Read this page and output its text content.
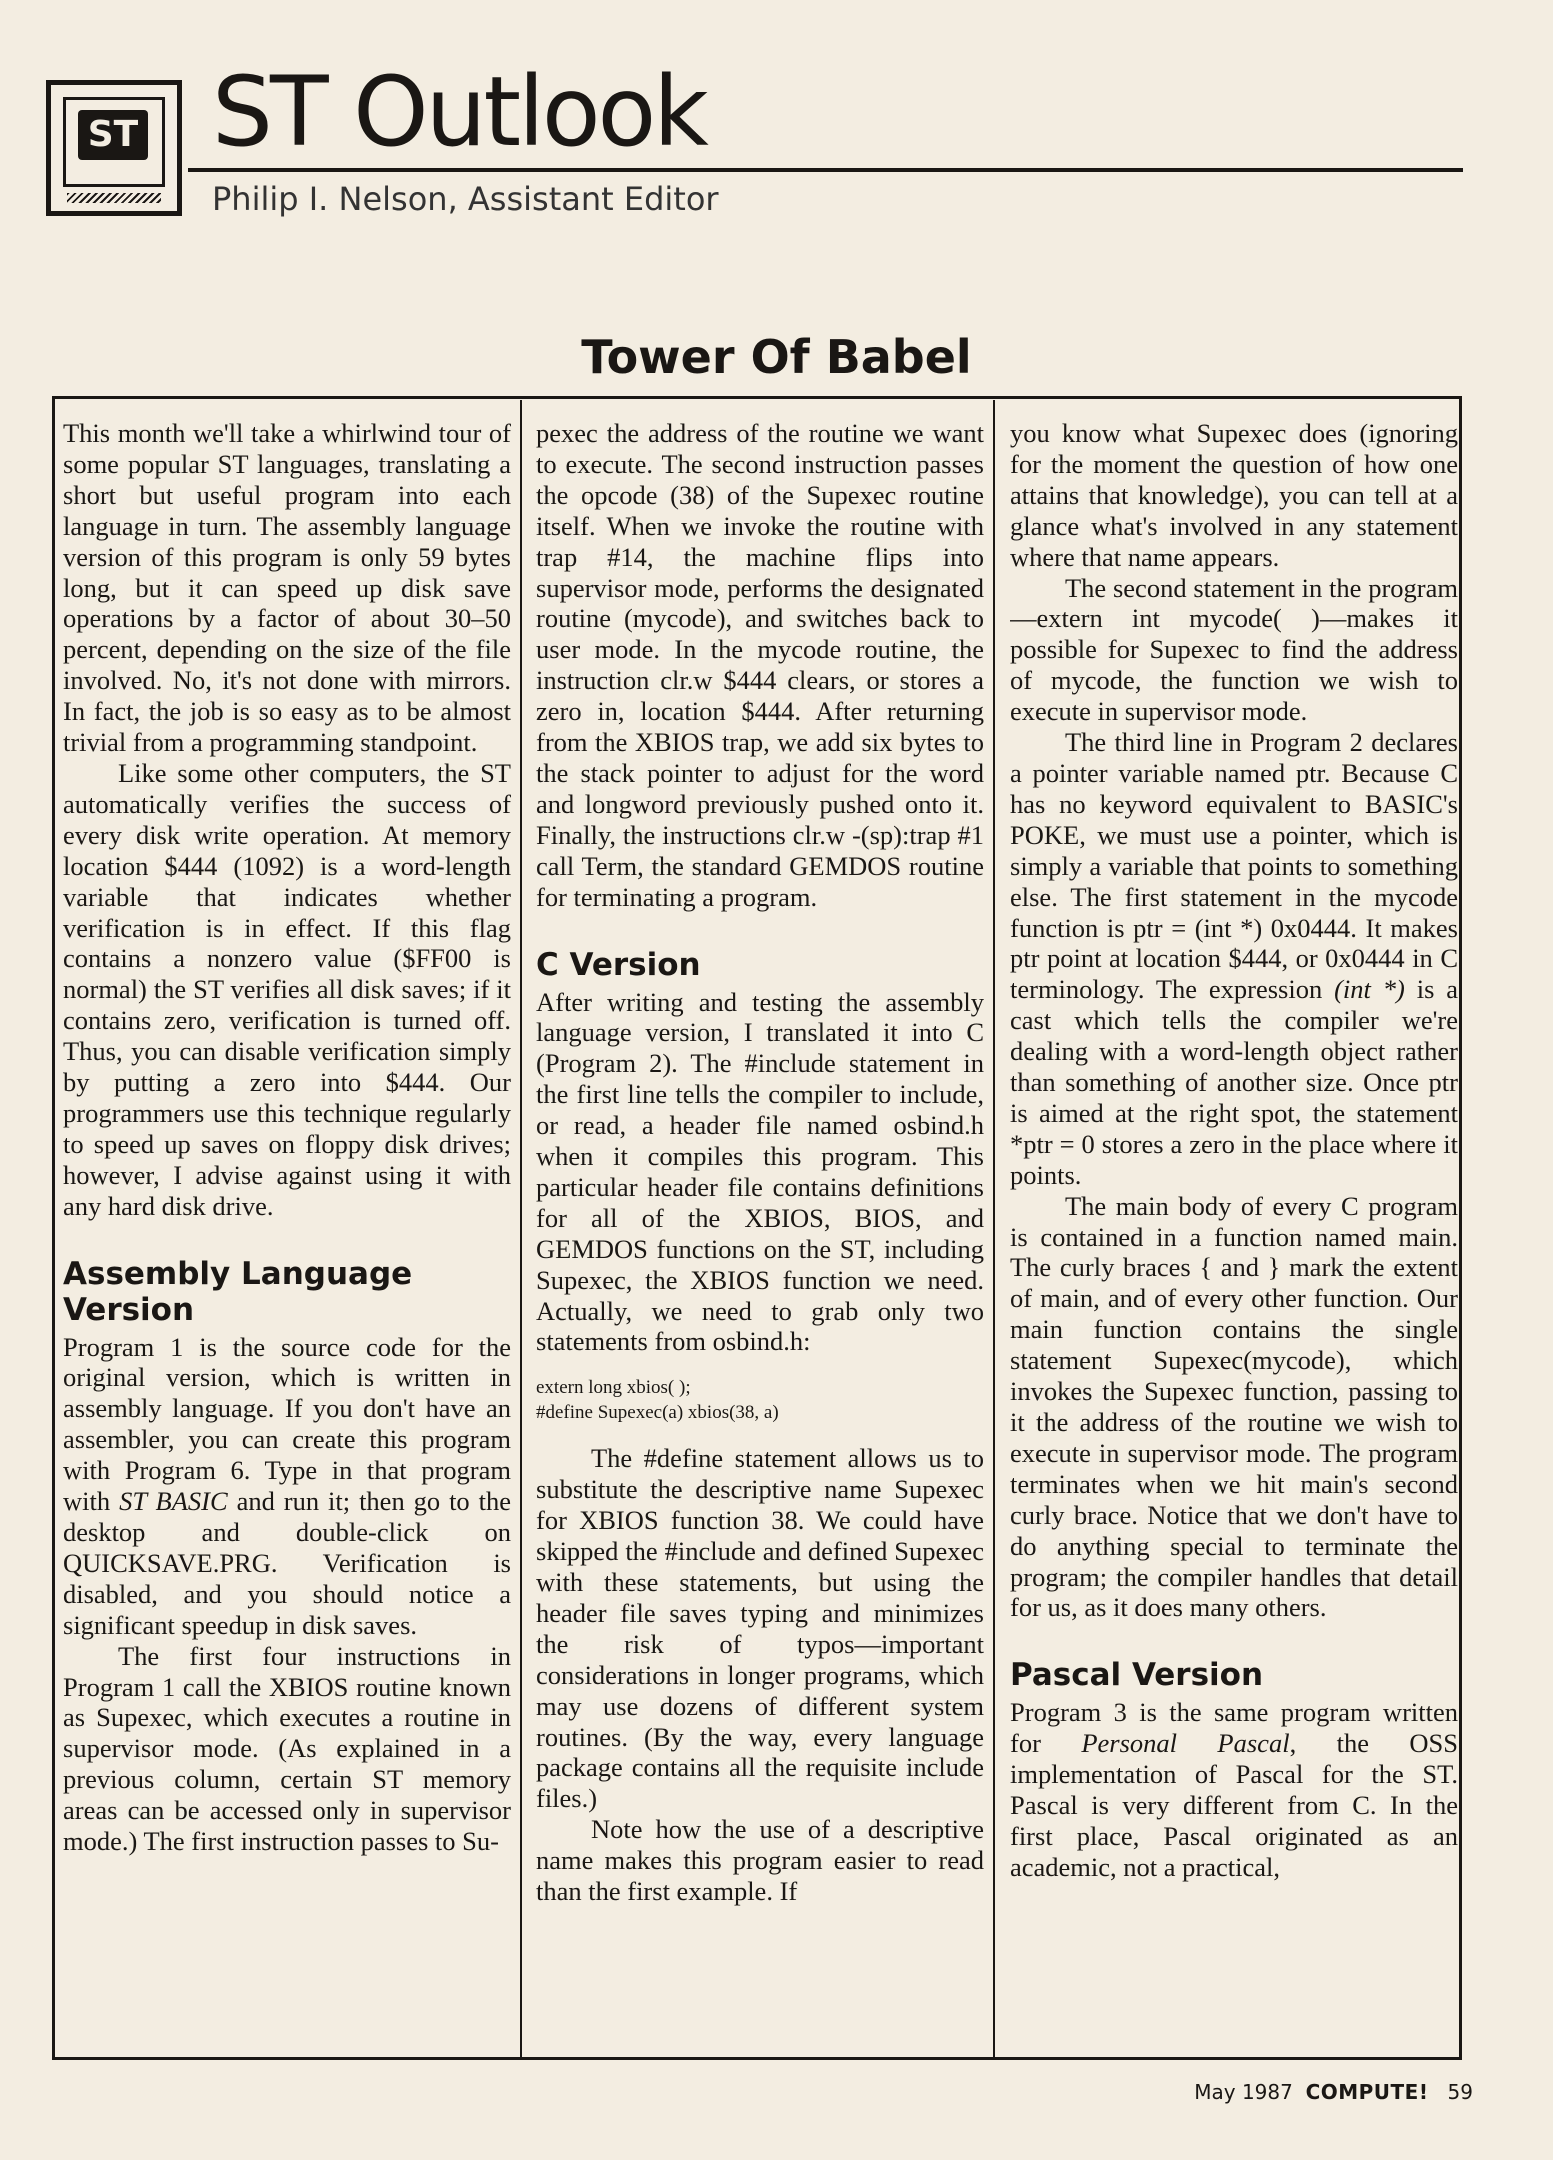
ST ST Outlook
Philip I. Nelson, Assistant Editor
Tower Of Babel

This month we'll take a whirlwind tour of some popular ST languages, translating a short but useful program into each language in turn. The assembly language version of this program is only 59 bytes long, but it can speed up disk save operations by a factor of about 30–50 percent, depending on the size of the file involved. No, it's not done with mirrors. In fact, the job is so easy as to be almost trivial from a programming standpoint.

Like some other computers, the ST automatically verifies the success of every disk write operation. At memory location $444 (1092) is a word-length variable that indicates whether verification is in effect. If this flag contains a nonzero value ($FF00 is normal) the ST verifies all disk saves; if it contains zero, verification is turned off. Thus, you can disable verification simply by putting a zero into $444. Our programmers use this technique regularly to speed up saves on floppy disk drives; however, I advise against using it with any hard disk drive.

Assembly Language Version

Program 1 is the source code for the original version, which is written in assembly language. If you don't have an assembler, you can create this program with Program 6. Type in that program with ST BASIC and run it; then go to the desktop and double-click on QUICKSAVE.PRG. Verification is disabled, and you should notice a significant speedup in disk saves.

The first four instructions in Program 1 call the XBIOS routine known as Supexec, which executes a routine in supervisor mode. (As explained in a previous column, certain ST memory areas can be accessed only in supervisor mode.) The first instruction passes to Su-

pexec the address of the routine we want to execute. The second instruction passes the opcode (38) of the Supexec routine itself. When we invoke the routine with trap #14, the machine flips into supervisor mode, performs the designated routine (mycode), and switches back to user mode. In the mycode routine, the instruction clr.w $444 clears, or stores a zero in, location $444. After returning from the XBIOS trap, we add six bytes to the stack pointer to adjust for the word and longword previously pushed onto it. Finally, the instructions clr.w -(sp):trap #1 call Term, the standard GEMDOS routine for terminating a program.

C Version

After writing and testing the assembly language version, I translated it into C (Program 2). The #include statement in the first line tells the compiler to include, or read, a header file named osbind.h when it compiles this program. This particular header file contains definitions for all of the XBIOS, BIOS, and GEMDOS functions on the ST, including Supexec, the XBIOS function we need. Actually, we need to grab only two statements from osbind.h:

extern long xbios( );
#define Supexec(a) xbios(38, a)

The #define statement allows us to substitute the descriptive name Supexec for XBIOS function 38. We could have skipped the #include and defined Supexec with these statements, but using the header file saves typing and minimizes the risk of typos—important considerations in longer programs, which may use dozens of different system routines. (By the way, every language package contains all the requisite include files.)

Note how the use of a descriptive name makes this program easier to read than the first example. If

you know what Supexec does (ignoring for the moment the question of how one attains that knowledge), you can tell at a glance what's involved in any statement where that name appears.

The second statement in the program—extern int mycode( )—makes it possible for Supexec to find the address of mycode, the function we wish to execute in supervisor mode.

The third line in Program 2 declares a pointer variable named ptr. Because C has no keyword equivalent to BASIC's POKE, we must use a pointer, which is simply a variable that points to something else. The first statement in the mycode function is ptr = (int *) 0x0444. It makes ptr point at location $444, or 0x0444 in C terminology. The expression (int *) is a cast which tells the compiler we're dealing with a word-length object rather than something of another size. Once ptr is aimed at the right spot, the statement *ptr = 0 stores a zero in the place where it points.

The main body of every C program is contained in a function named main. The curly braces { and } mark the extent of main, and of every other function. Our main function contains the single statement Supexec(mycode), which invokes the Supexec function, passing to it the address of the routine we wish to execute in supervisor mode. The program terminates when we hit main's second curly brace. Notice that we don't have to do anything special to terminate the program; the compiler handles that detail for us, as it does many others.

Pascal Version

Program 3 is the same program written for Personal Pascal, the OSS implementation of Pascal for the ST. Pascal is very different from C. In the first place, Pascal originated as an academic, not a practical,

May 1987 COMPUTE! 59
